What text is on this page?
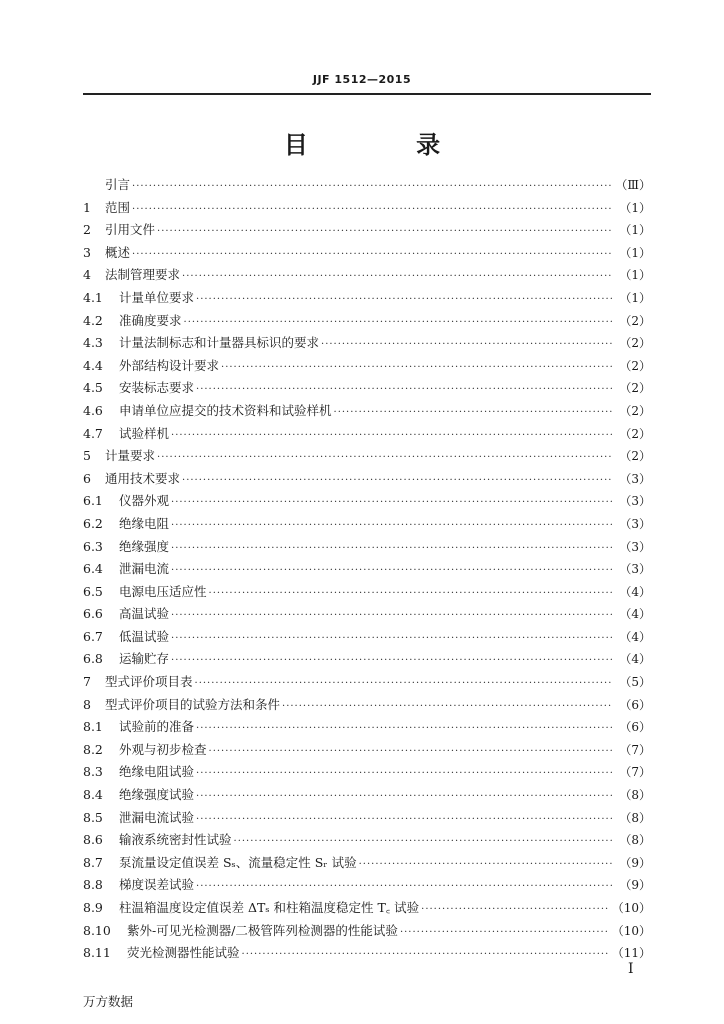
JJF 1512—2015
目 录
引言 ·····	（Ⅲ）
1	范围 ·····	（1）
2	引用文件 ·····	（1）
3	概述 ·····	（1）
4	法制管理要求 ·····	（1）
4.1	计量单位要求 ·····	（1）
4.2	准确度要求 ·····	（2）
4.3	计量法制标志和计量器具标识的要求 ·····	（2）
4.4	外部结构设计要求 ·····	（2）
4.5	安装标志要求 ·····	（2）
4.6	申请单位应提交的技术资料和试验样机 ·····	（2）
4.7	试验样机 ·····	（2）
5	计量要求 ·····	（2）
6	通用技术要求 ·····	（3）
6.1	仪器外观 ·····	（3）
6.2	绝缘电阻 ·····	（3）
6.3	绝缘强度 ·····	（3）
6.4	泄漏电流 ·····	（3）
6.5	电源电压适应性 ·····	（4）
6.6	高温试验 ·····	（4）
6.7	低温试验 ·····	（4）
6.8	运输贮存 ·····	（4）
7	型式评价项目表 ·····	（5）
8	型式评价项目的试验方法和条件 ·····	（6）
8.1	试验前的准备 ·····	（6）
8.2	外观与初步检查 ·····	（7）
8.3	绝缘电阻试验 ·····	（7）
8.4	绝缘强度试验 ·····	（8）
8.5	泄漏电流试验 ·····	（8）
8.6	输液系统密封性试验 ·····	（8）
8.7	泵流量设定值误差 Sₛ、流量稳定性 Sᵣ 试验 ·····	（9）
8.8	梯度误差试验 ·····	（9）
8.9	柱温箱温度设定值误差 ΔTₛ 和柱箱温度稳定性 T꜀ 试验 ·····	（10）
8.10	紫外-可见光检测器/二极管阵列检测器的性能试验 ·····	（10）
8.11	荧光检测器性能试验 ·····	（11）
I
万方数据
